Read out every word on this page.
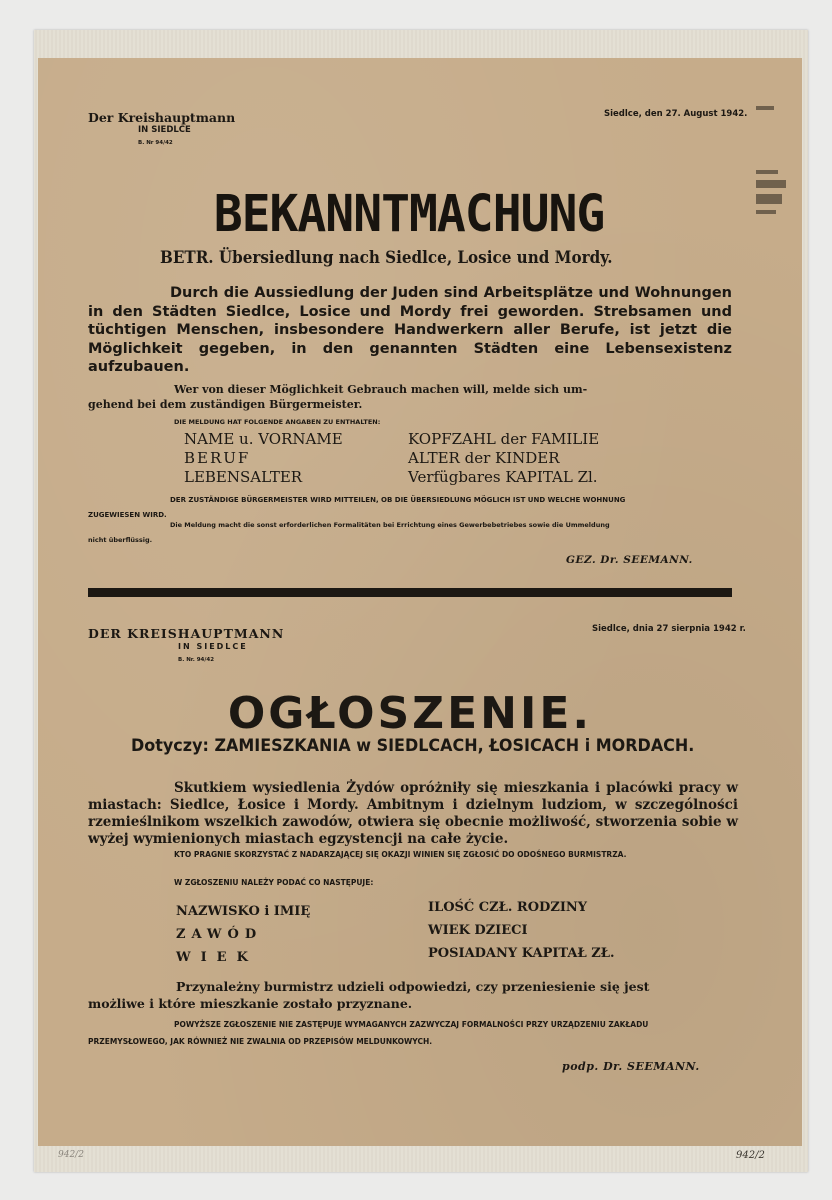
Der Kreishauptmann
IN SIEDLCE
B. Nr 94/42
Siedlce, den 27. August 1942.
BEKANNTMACHUNG
BETR. Übersiedlung nach Siedlce, Losice und Mordy.
Durch die Aussiedlung der Juden sind Arbeitsplätze und Wohnungen in den Städten Siedlce, Losice und Mordy frei geworden. Strebsamen und tüchtigen Menschen, insbesondere Handwerkern aller Berufe, ist jetzt die Möglichkeit gegeben, in den genannten Städten eine Lebensexistenz aufzubauen.
Wer von dieser Möglichkeit Gebrauch machen will, melde sich um-
gehend bei dem zuständigen Bürgermeister.
DIE MELDUNG HAT FOLGENDE ANGABEN ZU ENTHALTEN:
NAME u. VORNAME
BERUF
LEBENSALTER
KOPFZAHL der FAMILIE
ALTER der KINDER
Verfügbares KAPITAL Zl.
DER ZUSTÄNDIGE BÜRGERMEISTER WIRD MITTEILEN, OB DIE ÜBERSIEDLUNG MÖGLICH IST UND WELCHE WOHNUNG
ZUGEWIESEN WIRD.
Die Meldung macht die sonst erforderlichen Formalitäten bei Errichtung eines Gewerbebetriebes sowie die Ummeldung
nicht überflüssig.
GEZ. Dr. SEEMANN.
DER KREISHAUPTMANN
IN SIEDLCE
B. Nr. 94/42
Siedlce, dnia 27 sierpnia 1942 r.
OGŁOSZENIE.
Dotyczy: ZAMIESZKANIA w SIEDLCACH, ŁOSICACH i MORDACH.
Skutkiem wysiedlenia Żydów opróżniły się mieszkania i placówki pracy w miastach: Siedlce, Łosice i Mordy. Ambitnym i dzielnym ludziom, w szczególności rzemieślnikom wszelkich zawodów, otwiera się obecnie możliwość, stworzenia sobie w wyżej wymienionych miastach egzystencji na całe życie.
KTO PRAGNIE SKORZYSTAĆ Z NADARZAJĄCEJ SIĘ OKAZJI WINIEN SIĘ ZGŁOSIĆ DO ODOŚNEGO BURMISTRZA.
W ZGŁOSZENIU NALEŻY PODAĆ CO NASTĘPUJE:
NAZWISKO i IMIĘ
ZAWÓD
WIEK
ILOŚĆ CZŁ. RODZINY
WIEK DZIECI
POSIADANY KAPITAŁ ZŁ.
Przynależny burmistrz udzieli odpowiedzi, czy przeniesienie się jest
możliwe i które mieszkanie zostało przyznane.
POWYŻSZE ZGŁOSZENIE NIE ZASTĘPUJE WYMAGANYCH ZAZWYCZAJ FORMALNOŚCI PRZY URZĄDZENIU ZAKŁADU
PRZEMYSŁOWEGO, JAK RÓWNIEŻ NIE ZWALNIA OD PRZEPISÓW MELDUNKOWYCH.
podp. Dr. SEEMANN.
942/2	942/2
